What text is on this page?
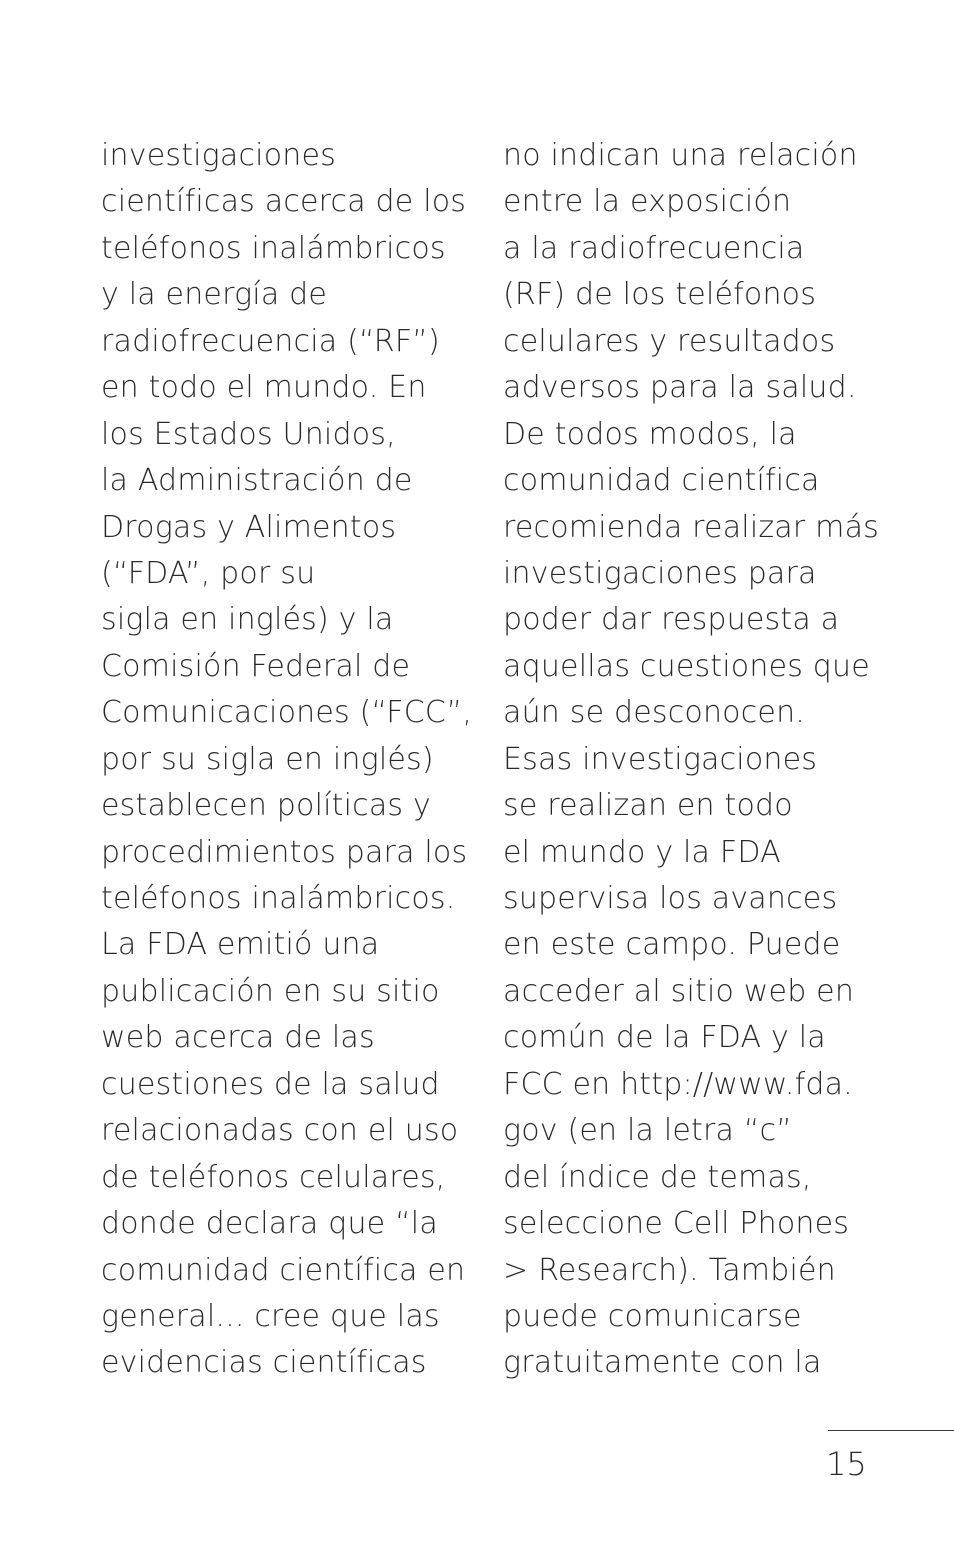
investigaciones
científicas acerca de los
teléfonos inalámbricos
y la energía de
radiofrecuencia (“RF”)
en todo el mundo. En
los Estados Unidos,
la Administración de
Drogas y Alimentos
(“FDA”, por su
sigla en inglés) y la
Comisión Federal de
Comunicaciones (“FCC”,
por su sigla en inglés)
establecen políticas y
procedimientos para los
teléfonos inalámbricos.
La FDA emitió una
publicación en su sitio
web acerca de las
cuestiones de la salud
relacionadas con el uso
de teléfonos celulares,
donde declara que “la
comunidad científica en
general... cree que las
evidencias científicas
no indican una relación
entre la exposición
a la radiofrecuencia
(RF) de los teléfonos
celulares y resultados
adversos para la salud.
De todos modos, la
comunidad científica
recomienda realizar más
investigaciones para
poder dar respuesta a
aquellas cuestiones que
aún se desconocen.
Esas investigaciones
se realizan en todo
el mundo y la FDA
supervisa los avances
en este campo. Puede
acceder al sitio web en
común de la FDA y la
FCC en http://www.fda.
gov (en la letra “c”
del índice de temas,
seleccione Cell Phones
> Research). También
puede comunicarse
gratuitamente con la
15
